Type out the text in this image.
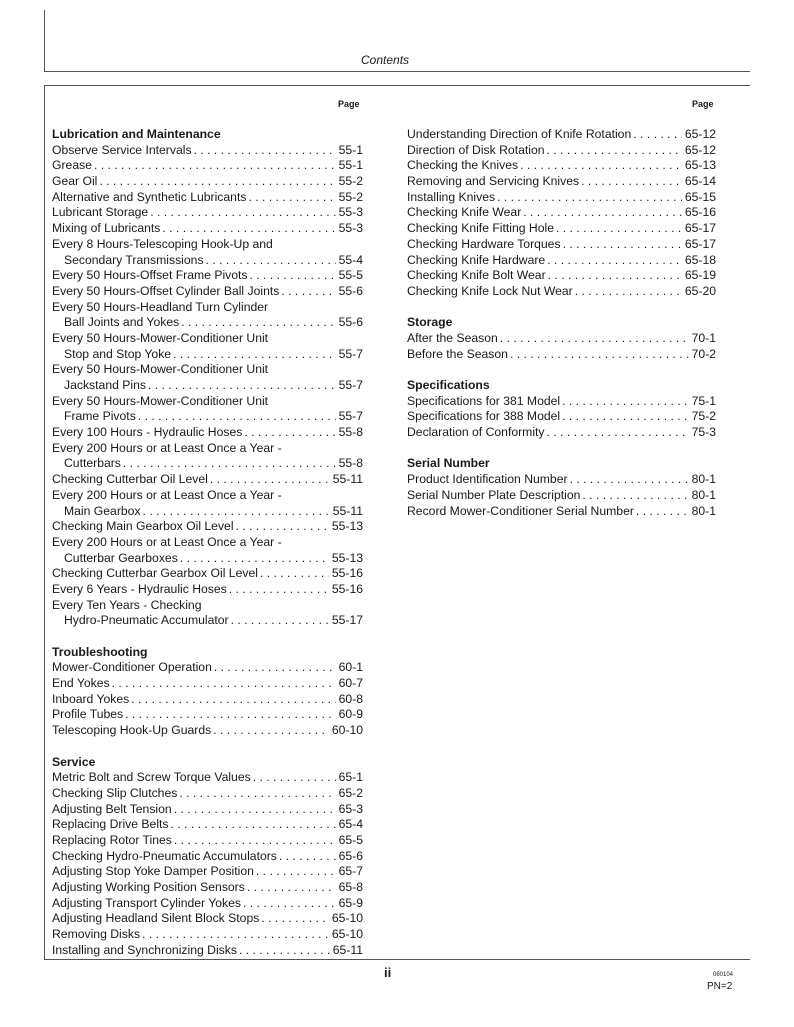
Contents
Page	Page
Lubrication and Maintenance
Observe Service Intervals . . .	55-1
Grease . . .	55-1
Gear Oil . . .	55-2
Alternative and Synthetic Lubricants . . .	55-2
Lubricant Storage . . .	55-3
Mixing of Lubricants . . .	55-3
Every 8 Hours-Telescoping Hook-Up and
Secondary Transmissions . . .	55-4
Every 50 Hours-Offset Frame Pivots . . .	55-5
Every 50 Hours-Offset Cylinder Ball Joints . . .	55-6
Every 50 Hours-Headland Turn Cylinder
Ball Joints and Yokes . . .	55-6
Every 50 Hours-Mower-Conditioner Unit
Stop and Stop Yoke . . .	55-7
Every 50 Hours-Mower-Conditioner Unit
Jackstand Pins . . .	55-7
Every 50 Hours-Mower-Conditioner Unit
Frame Pivots . . .	55-7
Every 100 Hours - Hydraulic Hoses . . .	55-8
Every 200 Hours or at Least Once a Year -
Cutterbars . . .	55-8
Checking Cutterbar Oil Level . . .	55-11
Every 200 Hours or at Least Once a Year -
Main Gearbox . . .	55-11
Checking Main Gearbox Oil Level . . .	55-13
Every 200 Hours or at Least Once a Year -
Cutterbar Gearboxes . . .	55-13
Checking Cutterbar Gearbox Oil Level . . .	55-16
Every 6 Years - Hydraulic Hoses . . .	55-16
Every Ten Years - Checking
Hydro-Pneumatic Accumulator . . .	55-17
Troubleshooting
Mower-Conditioner Operation . . .	60-1
End Yokes . . .	60-7
Inboard Yokes . . .	60-8
Profile Tubes . . .	60-9
Telescoping Hook-Up Guards . . .	60-10
Service
Metric Bolt and Screw Torque Values . . .	65-1
Checking Slip Clutches . . .	65-2
Adjusting Belt Tension . . .	65-3
Replacing Drive Belts . . .	65-4
Replacing Rotor Tines . . .	65-5
Checking Hydro-Pneumatic Accumulators . . .	65-6
Adjusting Stop Yoke Damper Position . . .	65-7
Adjusting Working Position Sensors . . .	65-8
Adjusting Transport Cylinder Yokes . . .	65-9
Adjusting Headland Silent Block Stops . . .	65-10
Removing Disks . . .	65-10
Installing and Synchronizing Disks . . .	65-11
Understanding Direction of Knife Rotation . . .	65-12
Direction of Disk Rotation . . .	65-12
Checking the Knives . . .	65-13
Removing and Servicing Knives . . .	65-14
Installing Knives . . .	65-15
Checking Knife Wear . . .	65-16
Checking Knife Fitting Hole . . .	65-17
Checking Hardware Torques . . .	65-17
Checking Knife Hardware . . .	65-18
Checking Knife Bolt Wear . . .	65-19
Checking Knife Lock Nut Wear . . .	65-20
Storage
After the Season . . .	70-1
Before the Season . . .	70-2
Specifications
Specifications for 381 Model . . .	75-1
Specifications for 388 Model . . .	75-2
Declaration of Conformity . . .	75-3
Serial Number
Product Identification Number . . .	80-1
Serial Number Plate Description . . .	80-1
Record Mower-Conditioner Serial Number . . .	80-1
ii	060104
PN=2
